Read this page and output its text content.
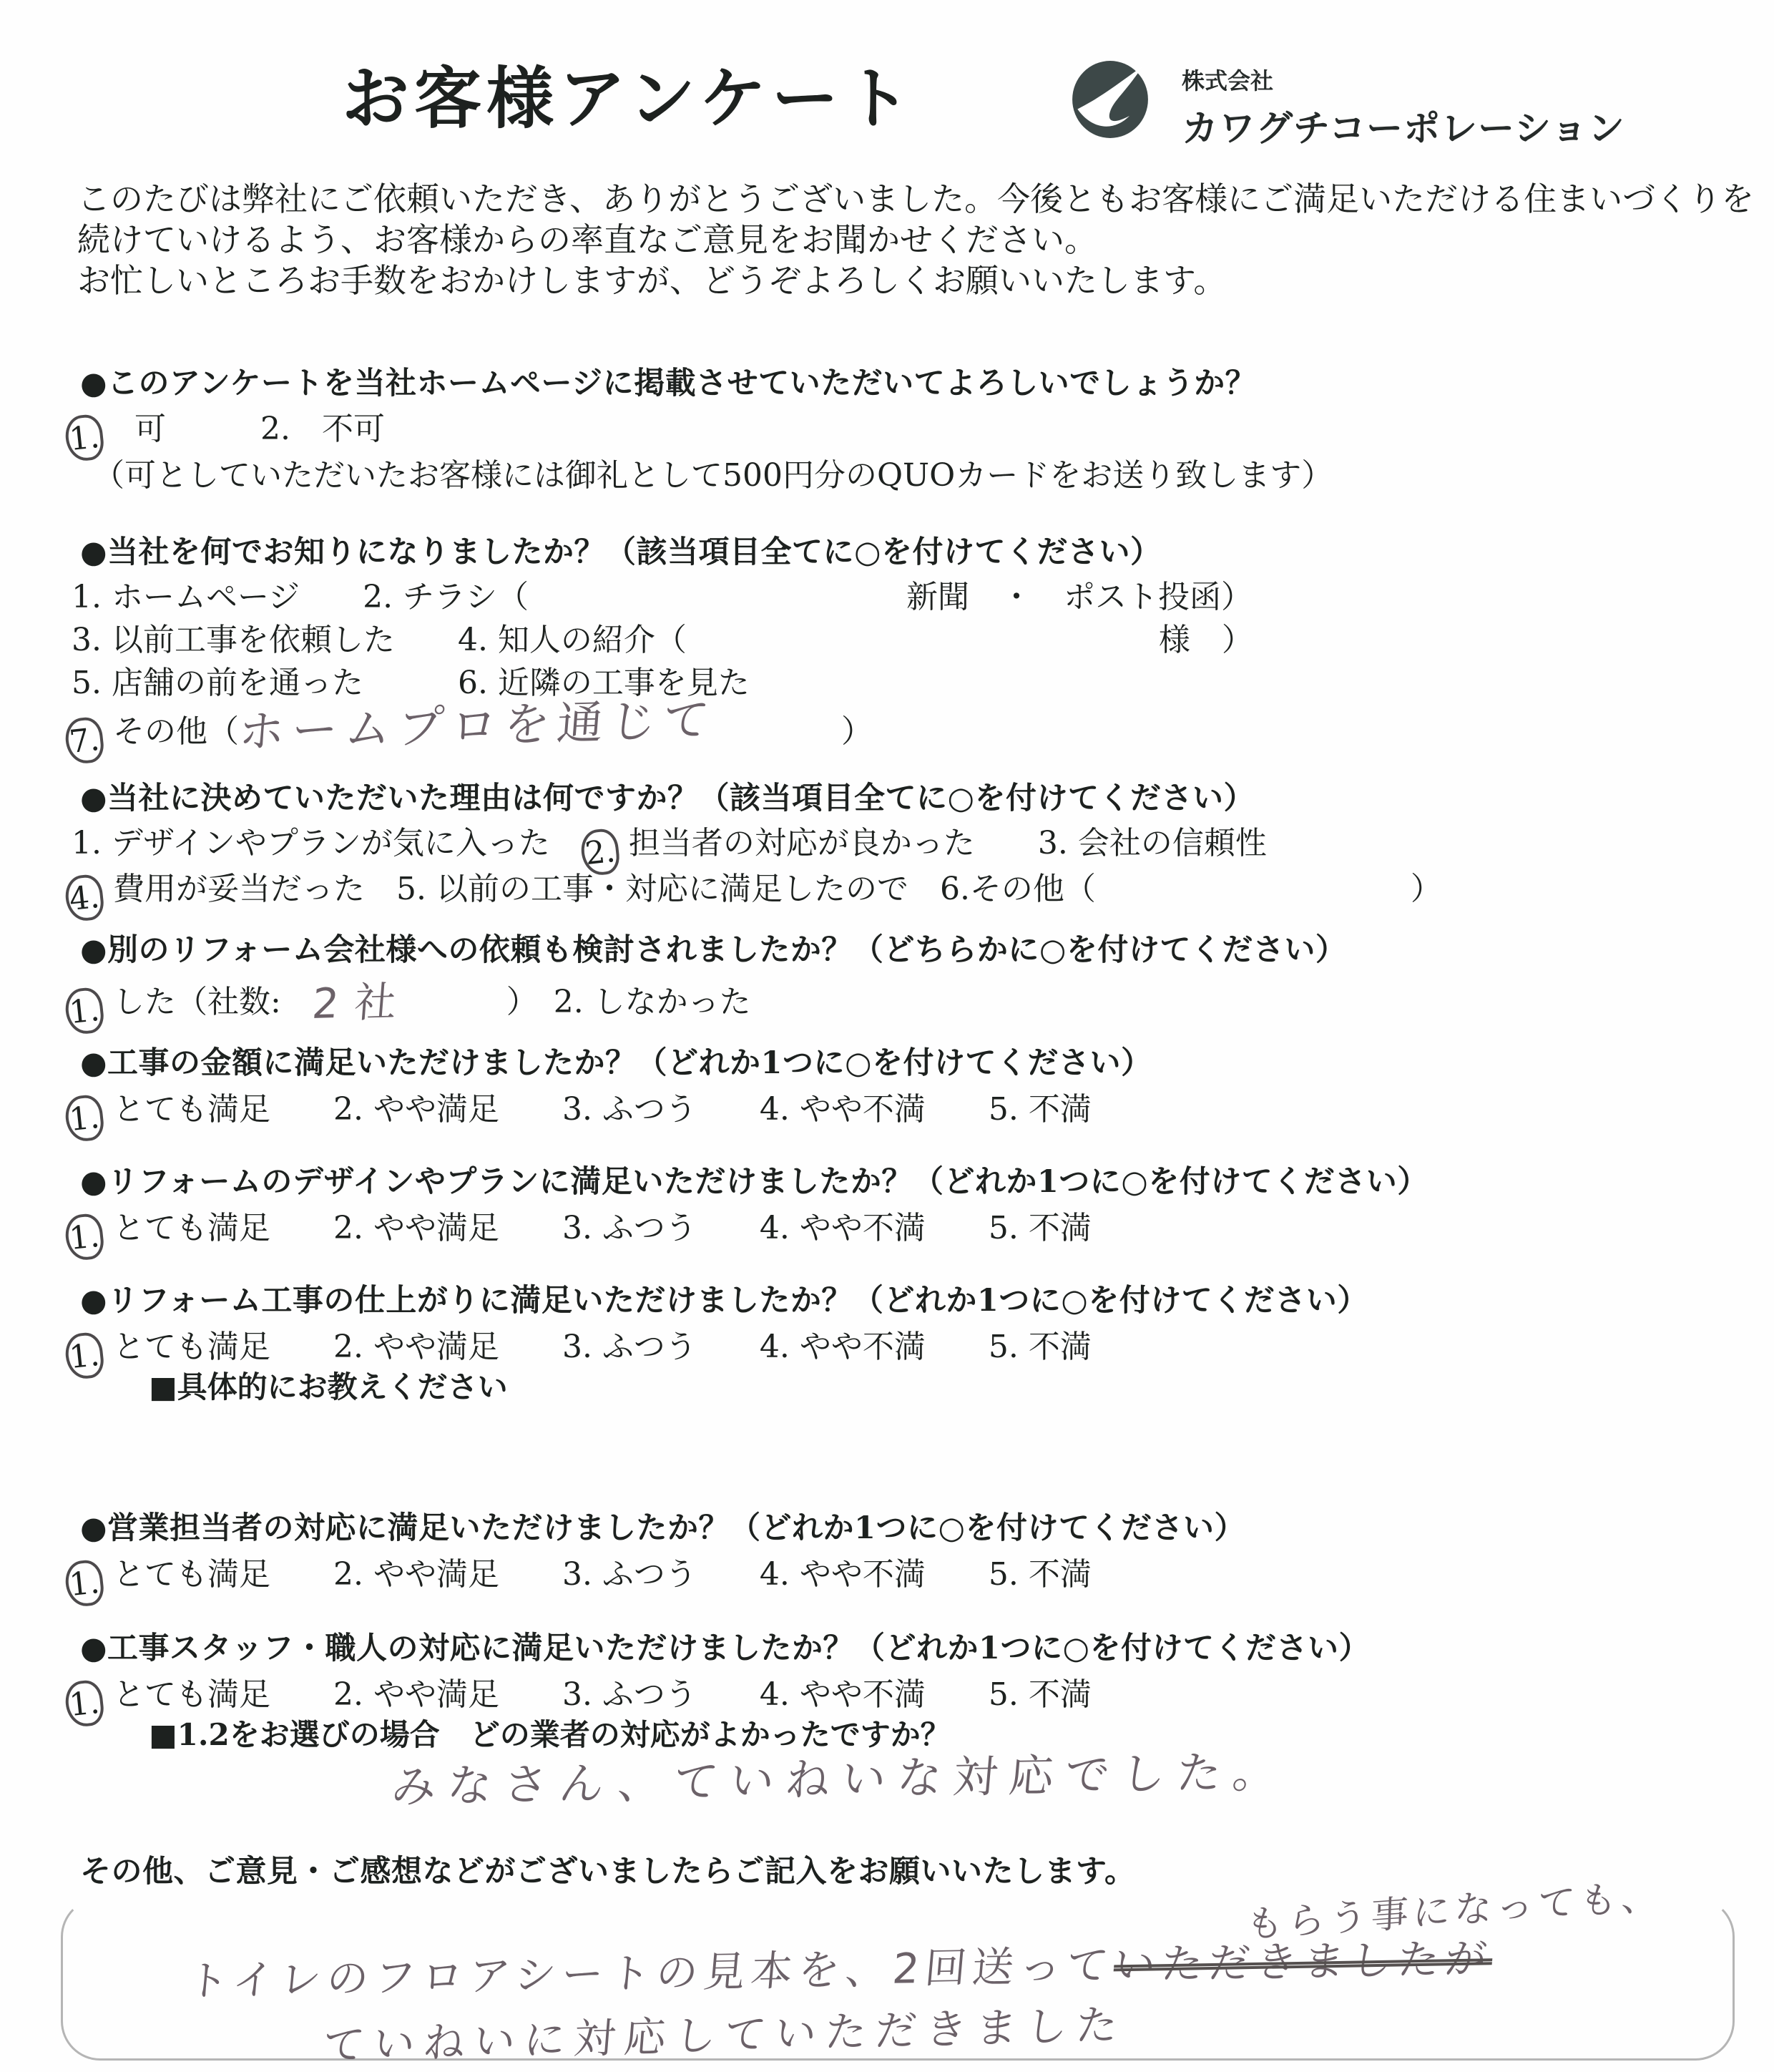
お客様アンケート	株式会社
カワグチコーポレーション
このたびは弊社にご依頼いただき、ありがとうございました。今後ともお客様にご満足いただける住まいづくりを
続けていけるよう、お客様からの率直なご意見をお聞かせください。
お忙しいところお手数をおかけしますが、どうぞよろしくお願いいたします。
●このアンケートを当社ホームページに掲載させていただいてよろしいでしょうか？
1. 　可　　　2.　不可
（可としていただいたお客様には御礼として500円分のQUOカードをお送り致します）
●当社を何でお知りになりましたか？（該当項目全てに○を付けてください）
1. ホームページ　　2. チラシ（　　　　　　　　　　　　新聞　・　ポスト投函）
3. 以前工事を依頼した　　4. 知人の紹介（　　　　　　　　　　　　　　　様　）
5. 店舗の前を通った　　　6. 近隣の工事を見た
7. その他（ホームプロを通じて　　　　）
●当社に決めていただいた理由は何ですか？（該当項目全てに○を付けてください）
1. デザインやプランが気に入った　 2. 担当者の対応が良かった　　3. 会社の信頼性
4. 費用が妥当だった　5. 以前の工事・対応に満足したので　6.その他（　　　　　　　　　　）
●別のリフォーム会社様への依頼も検討されましたか？（どちらかに○を付けてください）
1. した（社数:　2社　　　）　2. しなかった
●工事の金額に満足いただけましたか？（どれか1つに○を付けてください）
1. とても満足　　2. やや満足　　3. ふつう　　4. やや不満　　5. 不満
●リフォームのデザインやプランに満足いただけましたか？（どれか1つに○を付けてください）
1. とても満足　　2. やや満足　　3. ふつう　　4. やや不満　　5. 不満
●リフォーム工事の仕上がりに満足いただけましたか？（どれか1つに○を付けてください）
1. とても満足　　2. やや満足　　3. ふつう　　4. やや不満　　5. 不満
■具体的にお教えください
●営業担当者の対応に満足いただけましたか？（どれか1つに○を付けてください）
1. とても満足　　2. やや満足　　3. ふつう　　4. やや不満　　5. 不満
●工事スタッフ・職人の対応に満足いただけましたか？（どれか1つに○を付けてください）
1. とても満足　　2. やや満足　　3. ふつう　　4. やや不満　　5. 不満
■1.2をお選びの場合　どの業者の対応がよかったですか？
みなさん、ていねいな対応でした。
その他、ご意見・ご感想などがございましたらご記入をお願いいたします。
もらう事になっても、
トイレのフロアシートの見本を、2回送っていただきましたが
ていねいに対応していただきました
